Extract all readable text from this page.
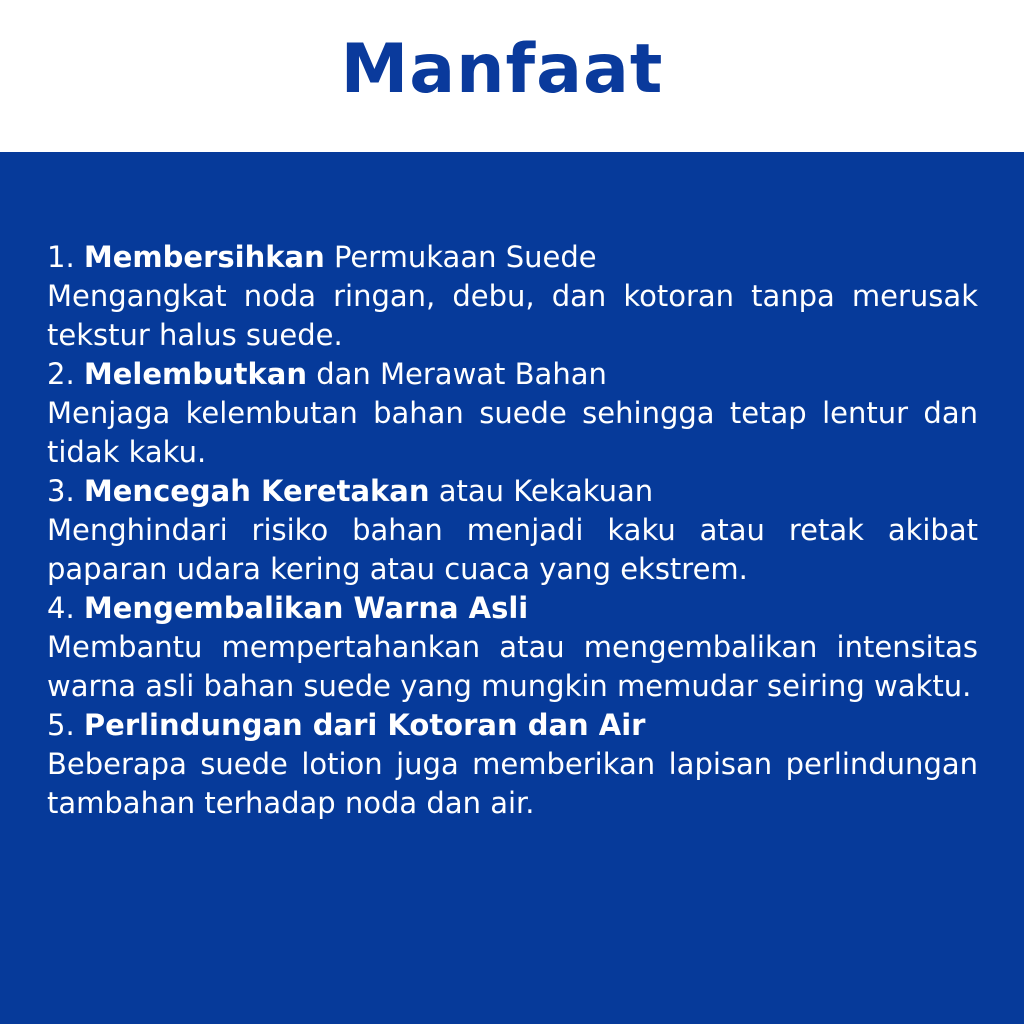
Manfaat

1. Membersihkan Permukaan Suede

Mengangkat noda ringan, debu, dan kotoran tanpa merusak tekstur halus suede.

2. Melembutkan dan Merawat Bahan

Menjaga kelembutan bahan suede sehingga tetap lentur dan tidak kaku.

3. Mencegah Keretakan atau Kekakuan

Menghindari risiko bahan menjadi kaku atau retak akibat paparan udara kering atau cuaca yang ekstrem.

4. Mengembalikan Warna Asli

Membantu mempertahankan atau mengembalikan intensitas warna asli bahan suede yang mungkin memudar seiring waktu.

5. Perlindungan dari Kotoran dan Air

Beberapa suede lotion juga memberikan lapisan perlindungan tambahan terhadap noda dan air.
